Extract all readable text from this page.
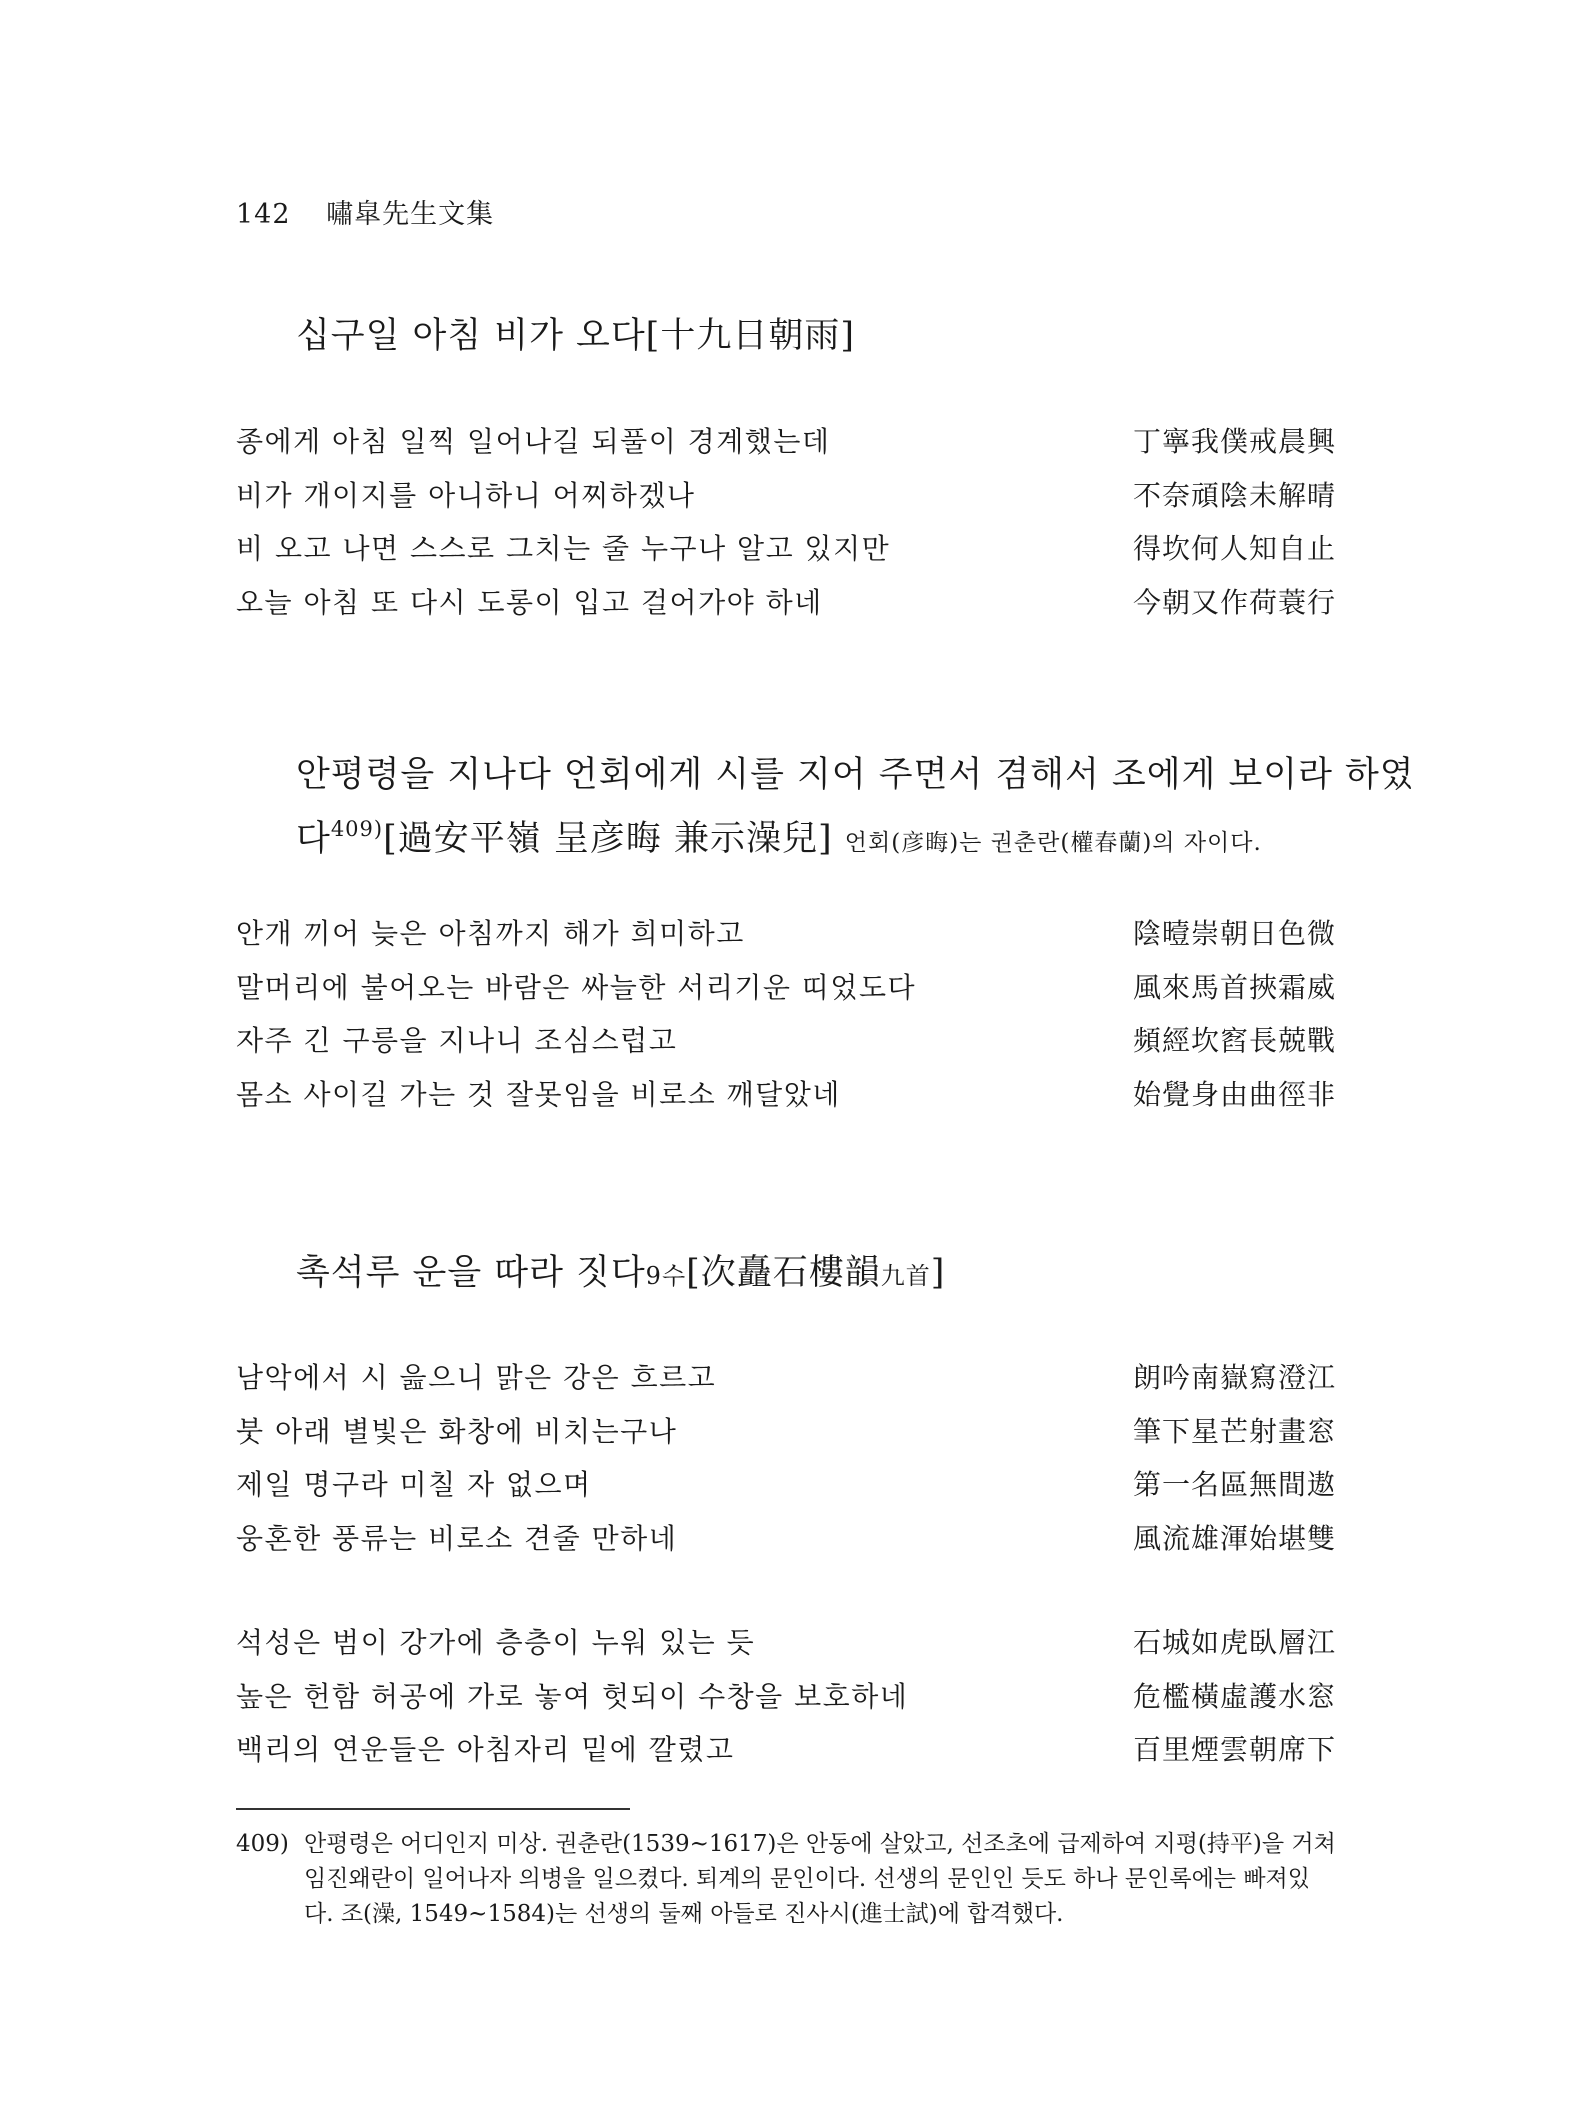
142 嘯皐先生文集
십구일 아침 비가 오다[十九日朝雨]
종에게 아침 일찍 일어나길 되풀이 경계했는데	丁寧我僕戒晨興
비가 개이지를 아니하니 어찌하겠나	不奈頑陰未解晴
비 오고 나면 스스로 그치는 줄 누구나 알고 있지만	得坎何人知自止
오늘 아침 또 다시 도롱이 입고 걸어가야 하네	今朝又作荷蓑行
안평령을 지나다 언회에게 시를 지어 주면서 겸해서 조에게 보이라 하였
다$^{409)}$[過安平嶺 呈彦晦 兼示澡兒] 언회(彦晦)는 권춘란(權春蘭)의 자이다.
안개 끼어 늦은 아침까지 해가 희미하고	陰曀崇朝日色微
말머리에 불어오는 바람은 싸늘한 서리기운 띠었도다	風來馬首挾霜威
자주 긴 구릉을 지나니 조심스럽고	頻經坎窞長兢戰
몸소 사이길 가는 것 잘못임을 비로소 깨달았네	始覺身由曲徑非
촉석루 운을 따라 짓다9수[次矗石樓韻九首]
남악에서 시 읊으니 맑은 강은 흐르고	朗吟南嶽寫澄江
붓 아래 별빛은 화창에 비치는구나	筆下星芒射畫窓
제일 명구라 미칠 자 없으며	第一名區無間遨
웅혼한 풍류는 비로소 견줄 만하네	風流雄渾始堪雙
석성은 범이 강가에 층층이 누워 있는 듯	石城如虎臥層江
높은 헌함 허공에 가로 놓여 헛되이 수창을 보호하네	危檻橫虛護水窓
백리의 연운들은 아침자리 밑에 깔렸고	百里煙雲朝席下
409) 안평령은 어디인지 미상. 권춘란(1539~1617)은 안동에 살았고, 선조초에 급제하여 지평(持平)을 거쳐 임진왜란이 일어나자 의병을 일으켰다. 퇴계의 문인이다. 선생의 문인인 듯도 하나 문인록에는 빠져있다. 조(澡, 1549~1584)는 선생의 둘째 아들로 진사시(進士試)에 합격했다.
